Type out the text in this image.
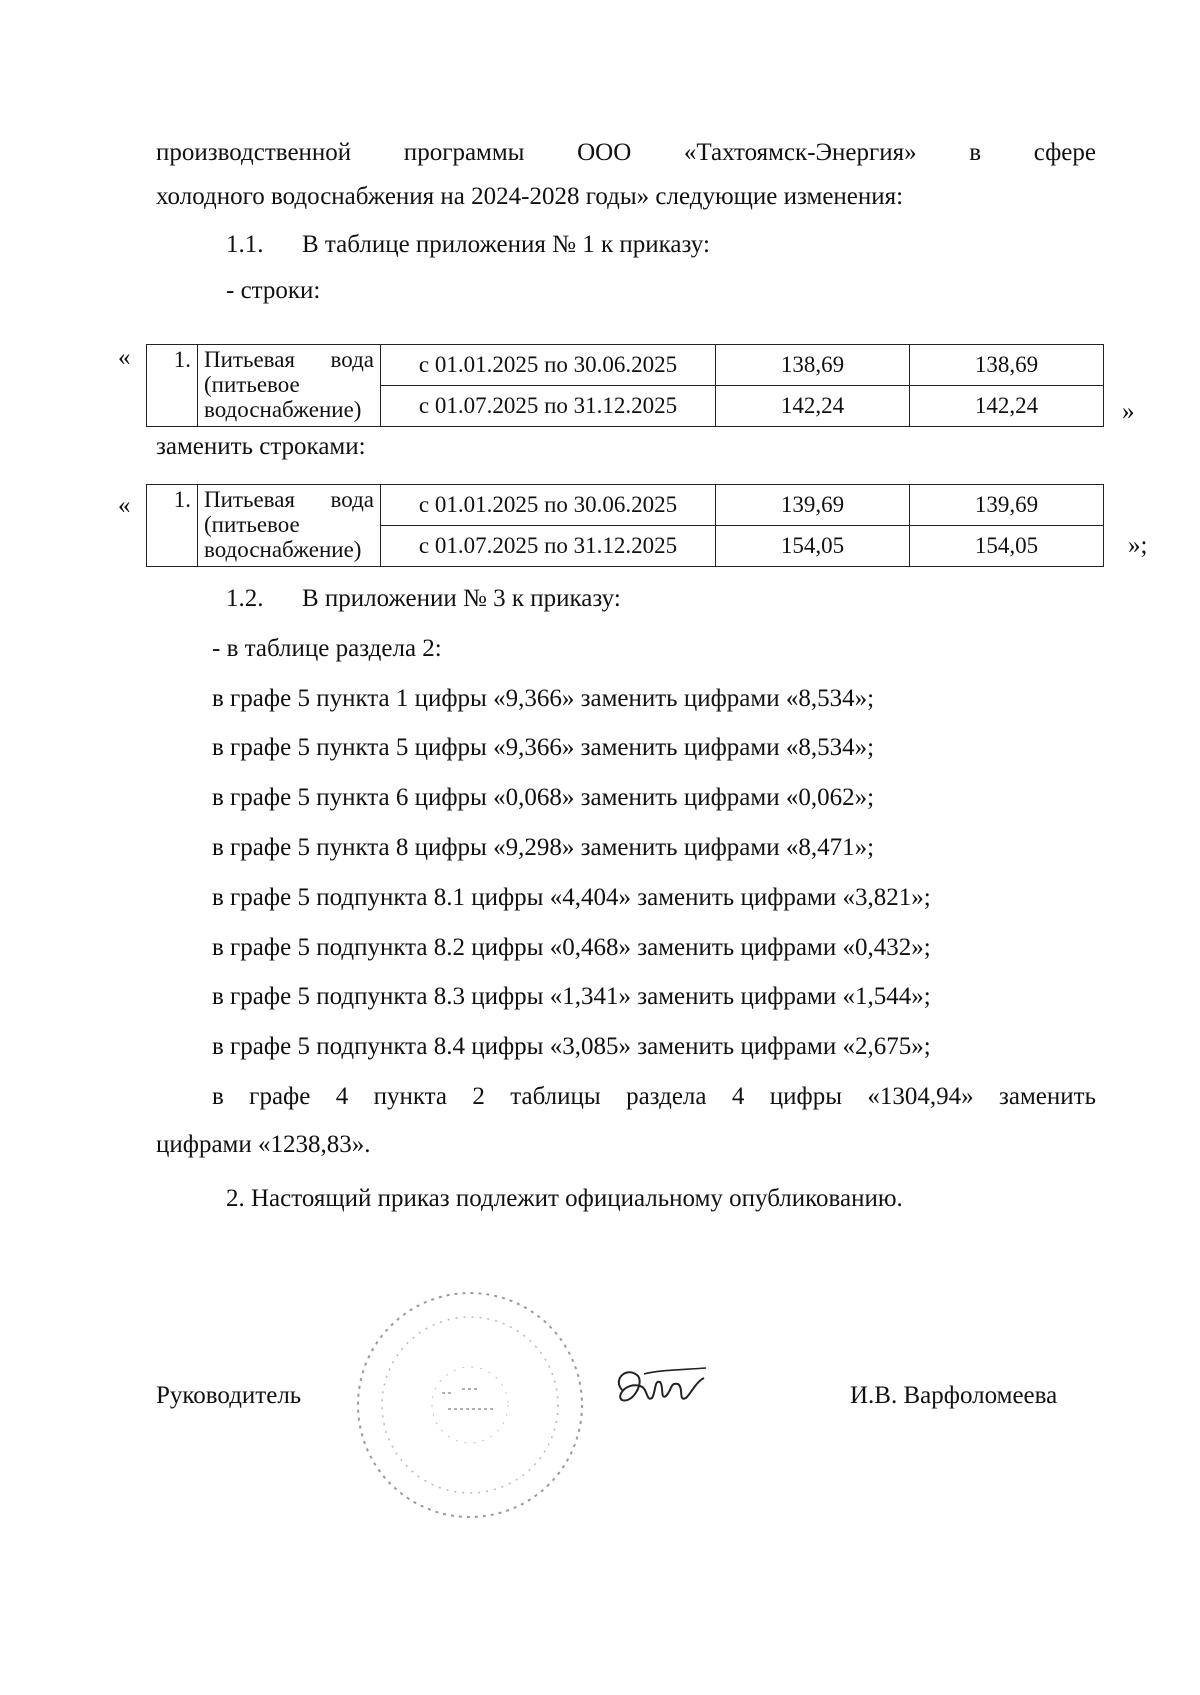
производственной программы ООО «Тахтоямск-Энергия» в сфере
холодного водоснабжения на 2024-2028 годы» следующие изменения:
1.1. В таблице приложения № 1 к приказу:
- строки:
« 1.	Питьевая вода
(питьевое
водоснабжение)	с 01.01.2025 по 30.06.2025	138,69	138,69
		с 01.07.2025 по 31.12.2025	142,24	142,24	»
заменить строками:
« 1.	Питьевая вода
(питьевое
водоснабжение)	с 01.01.2025 по 30.06.2025	139,69	139,69
		с 01.07.2025 по 31.12.2025	154,05	154,05	»;
1.2. В приложении № 3 к приказу:
- в таблице раздела 2:
в графе 5 пункта 1 цифры «9,366» заменить цифрами «8,534»;
в графе 5 пункта 5 цифры «9,366» заменить цифрами «8,534»;
в графе 5 пункта 6 цифры «0,068» заменить цифрами «0,062»;
в графе 5 пункта 8 цифры «9,298» заменить цифрами «8,471»;
в графе 5 подпункта 8.1 цифры «4,404» заменить цифрами «3,821»;
в графе 5 подпункта 8.2 цифры «0,468» заменить цифрами «0,432»;
в графе 5 подпункта 8.3 цифры «1,341» заменить цифрами «1,544»;
в графе 5 подпункта 8.4 цифры «3,085» заменить цифрами «2,675»;
в графе 4 пункта 2 таблицы раздела 4 цифры «1304,94» заменить
цифрами «1238,83».
2. Настоящий приказ подлежит официальному опубликованию.
Руководитель	И.В. Варфоломеева
